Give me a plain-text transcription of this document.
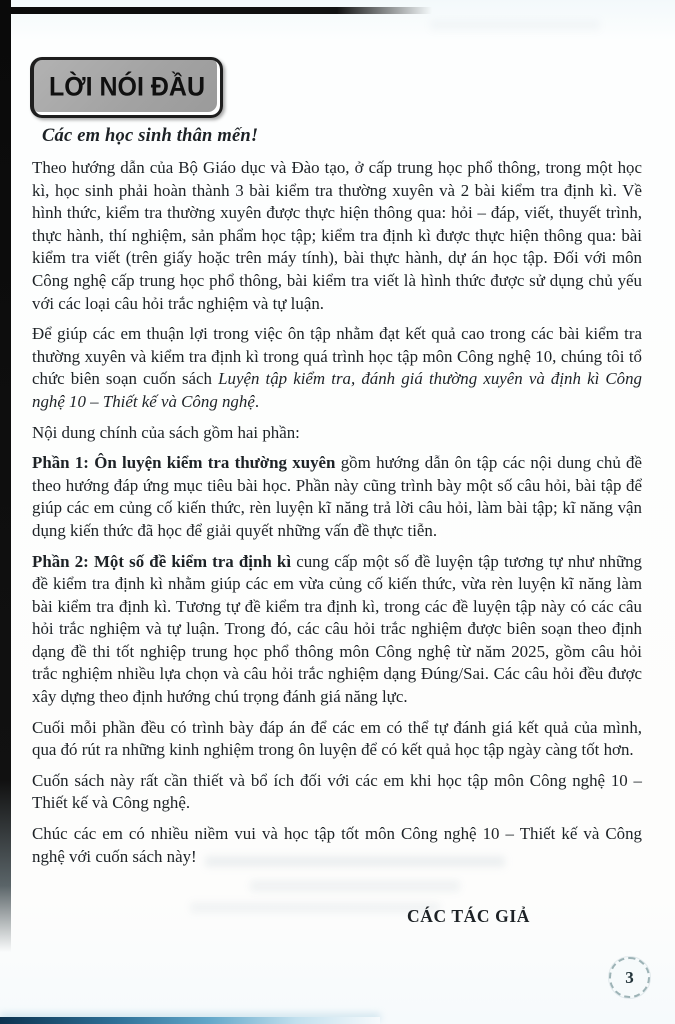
LỜI NÓI ĐẦU
Các em học sinh thân mến!

Theo hướng dẫn của Bộ Giáo dục và Đào tạo, ở cấp trung học phổ thông, trong một học kì, học sinh phải hoàn thành 3 bài kiểm tra thường xuyên và 2 bài kiểm tra định kì. Về hình thức, kiểm tra thường xuyên được thực hiện thông qua: hỏi – đáp, viết, thuyết trình, thực hành, thí nghiệm, sản phẩm học tập; kiểm tra định kì được thực hiện thông qua: bài kiểm tra viết (trên giấy hoặc trên máy tính), bài thực hành, dự án học tập. Đối với môn Công nghệ cấp trung học phổ thông, bài kiểm tra viết là hình thức được sử dụng chủ yếu với các loại câu hỏi trắc nghiệm và tự luận.

Để giúp các em thuận lợi trong việc ôn tập nhằm đạt kết quả cao trong các bài kiểm tra thường xuyên và kiểm tra định kì trong quá trình học tập môn Công nghệ 10, chúng tôi tổ chức biên soạn cuốn sách Luyện tập kiểm tra, đánh giá thường xuyên và định kì Công nghệ 10 – Thiết kế và Công nghệ.

Nội dung chính của sách gồm hai phần:

Phần 1: Ôn luyện kiểm tra thường xuyên gồm hướng dẫn ôn tập các nội dung chủ đề theo hướng đáp ứng mục tiêu bài học. Phần này cũng trình bày một số câu hỏi, bài tập để giúp các em củng cố kiến thức, rèn luyện kĩ năng trả lời câu hỏi, làm bài tập; kĩ năng vận dụng kiến thức đã học để giải quyết những vấn đề thực tiễn.

Phần 2: Một số đề kiểm tra định kì cung cấp một số đề luyện tập tương tự như những đề kiểm tra định kì nhằm giúp các em vừa củng cố kiến thức, vừa rèn luyện kĩ năng làm bài kiểm tra định kì. Tương tự đề kiểm tra định kì, trong các đề luyện tập này có các câu hỏi trắc nghiệm và tự luận. Trong đó, các câu hỏi trắc nghiệm được biên soạn theo định dạng đề thi tốt nghiệp trung học phổ thông môn Công nghệ từ năm 2025, gồm câu hỏi trắc nghiệm nhiều lựa chọn và câu hỏi trắc nghiệm dạng Đúng/Sai. Các câu hỏi đều được xây dựng theo định hướng chú trọng đánh giá năng lực.

Cuối mỗi phần đều có trình bày đáp án để các em có thể tự đánh giá kết quả của mình, qua đó rút ra những kinh nghiệm trong ôn luyện để có kết quả học tập ngày càng tốt hơn.

Cuốn sách này rất cần thiết và bổ ích đối với các em khi học tập môn Công nghệ 10 – Thiết kế và Công nghệ.

Chúc các em có nhiều niềm vui và học tập tốt môn Công nghệ 10 – Thiết kế và Công nghệ với cuốn sách này!

CÁC TÁC GIẢ
3
